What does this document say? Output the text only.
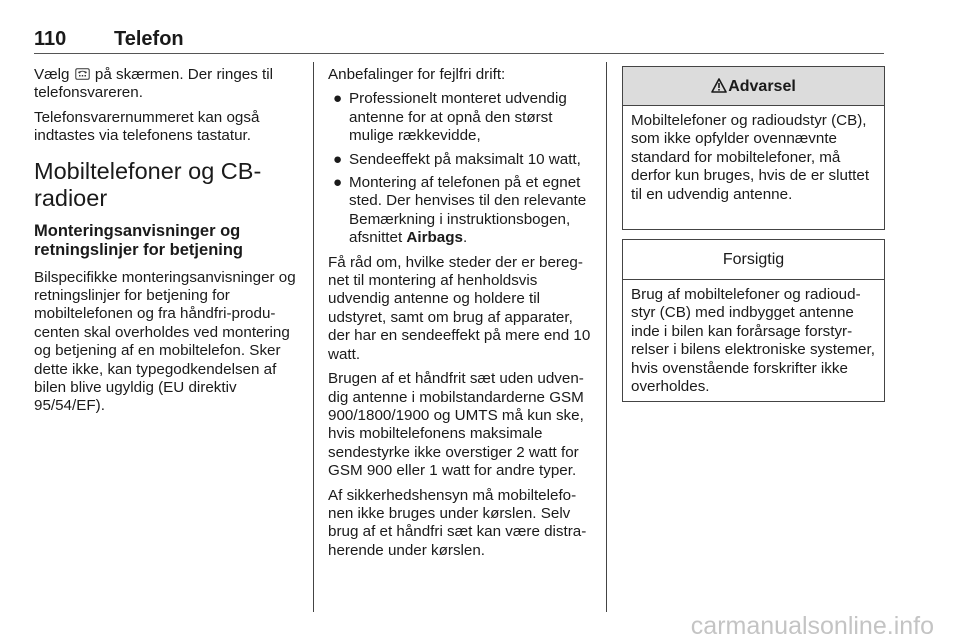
110 Telefon

Vælg  på skærmen. Der ringes til telefonsvareren.

Telefonsvarernummeret kan også indtastes via telefonens tastatur.

Mobiltelefoner og CB-radioer
Monteringsanvisninger og retningslinjer for betjening

Bilspecifikke monteringsanvisninger og retningslinjer for betjening for mobiltelefonen og fra håndfri-producenten skal overholdes ved montering og betjening af en mobiltelefon. Sker dette ikke, kan typegodkendelsen af bilen blive ugyldig (EU direktiv 95/54/EF).

Anbefalinger for fejlfri drift:

● Professionelt monteret udvendig antenne for at opnå den størst mulige rækkevidde,
● Sendeeffekt på maksimalt 10 watt,
● Montering af telefonen på et egnet sted. Der henvises til den relevante Bemærkning i instruktionsbogen, afsnittet Airbags.

Få råd om, hvilke steder der er beregnet til montering af henholdsvis udvendig antenne og holdere til udstyret, samt om brug af apparater, der har en sendeeffekt på mere end 10 watt.

Brugen af et håndfrit sæt uden udvendig antenne i mobilstandarderne GSM 900/1800/1900 og UMTS må kun ske, hvis mobiltelefonens maksimale sendestyrke ikke overstiger 2 watt for GSM 900 eller 1 watt for andre typer.

Af sikkerhedshensyn må mobiltelefonen ikke bruges under kørslen. Selv brug af et håndfri sæt kan være distraherende under kørslen.

Advarsel
Mobiltelefoner og radioudstyr (CB), som ikke opfylder ovennævnte standard for mobiltelefoner, må derfor kun bruges, hvis de er sluttet til en udvendig antenne.
Forsigtig
Brug af mobiltelefoner og radioudstyr (CB) med indbygget antenne inde i bilen kan forårsage forstyrrelser i bilens elektroniske systemer, hvis ovenstående forskrifter ikke overholdes.
carmanualsonline.info
